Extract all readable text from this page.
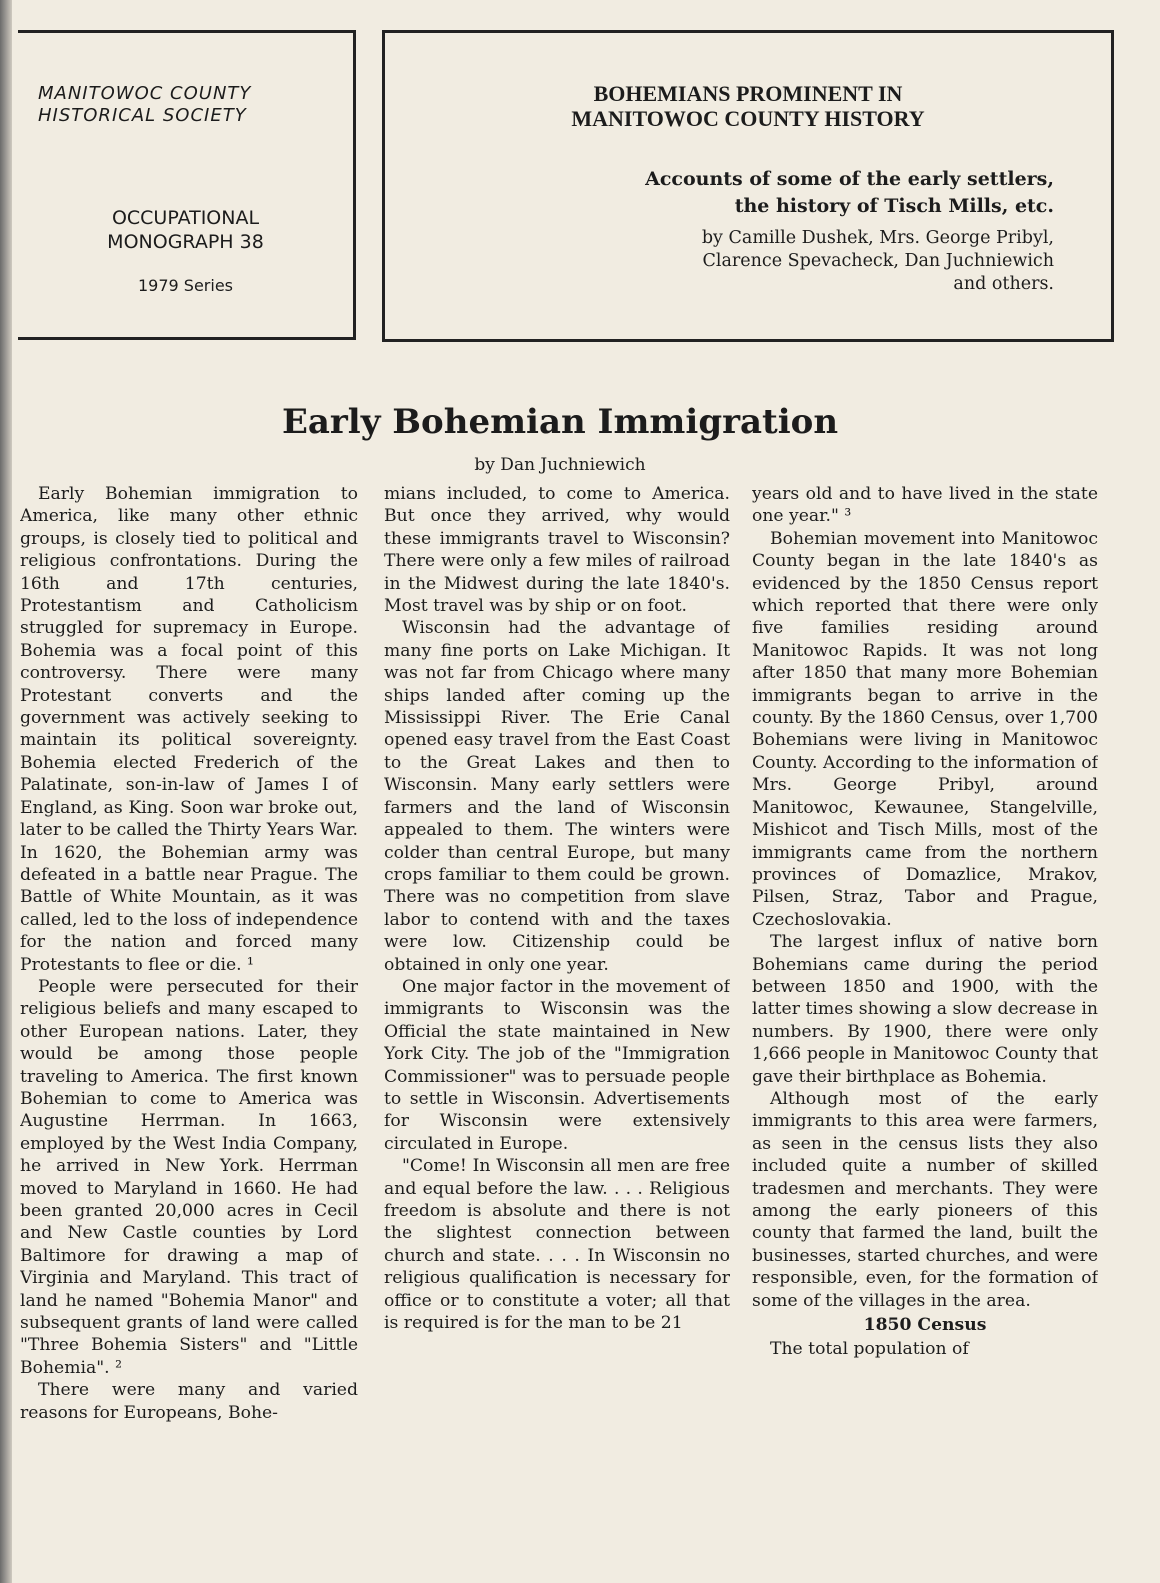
MANITOWOC COUNTY
HISTORICAL SOCIETY
OCCUPATIONAL
MONOGRAPH 38
1979 Series
BOHEMIANS PROMINENT IN
MANITOWOC COUNTY HISTORY

Accounts of some of the early settlers,
the history of Tisch Mills, etc.

by Camille Dushek, Mrs. George Pribyl,
Clarence Spevacheck, Dan Juchniewich
and others.

Early Bohemian Immigration
by Dan Juchniewich

Early Bohemian immigration to America, like many other ethnic groups, is closely tied to political and religious confrontations. During the 16th and 17th centuries, Protestantism and Catholicism struggled for supremacy in Europe. Bohemia was a focal point of this controversy. There were many Protestant converts and the government was actively seeking to maintain its political sovereignty. Bohemia elected Frederich of the Palatinate, son-in-law of James I of England, as King. Soon war broke out, later to be called the Thirty Years War. In 1620, the Bohemian army was defeated in a battle near Prague. The Battle of White Mountain, as it was called, led to the loss of independence for the nation and forced many Protestants to flee or die. ¹

People were persecuted for their religious beliefs and many escaped to other European nations. Later, they would be among those people traveling to America. The first known Bohemian to come to America was Augustine Herrman. In 1663, employed by the West India Company, he arrived in New York. Herrman moved to Maryland in 1660. He had been granted 20,000 acres in Cecil and New Castle counties by Lord Baltimore for drawing a map of Virginia and Maryland. This tract of land he named "Bohemia Manor" and subsequent grants of land were called "Three Bohemia Sisters" and "Little Bohemia". ²

There were many and varied reasons for Europeans, Bohe-

mians included, to come to America. But once they arrived, why would these immigrants travel to Wisconsin? There were only a few miles of railroad in the Midwest during the late 1840's. Most travel was by ship or on foot.

Wisconsin had the advantage of many fine ports on Lake Michigan. It was not far from Chicago where many ships landed after coming up the Mississippi River. The Erie Canal opened easy travel from the East Coast to the Great Lakes and then to Wisconsin. Many early settlers were farmers and the land of Wisconsin appealed to them. The winters were colder than central Europe, but many crops familiar to them could be grown. There was no competition from slave labor to contend with and the taxes were low. Citizenship could be obtained in only one year.

One major factor in the movement of immigrants to Wisconsin was the Official the state maintained in New York City. The job of the "Immigration Commissioner" was to persuade people to settle in Wisconsin. Advertisements for Wisconsin were extensively circulated in Europe.

"Come! In Wisconsin all men are free and equal before the law. . . . Religious freedom is absolute and there is not the slightest connection between church and state. . . . In Wisconsin no religious qualification is necessary for office or to constitute a voter; all that is required is for the man to be 21

years old and to have lived in the state one year." ³

Bohemian movement into Manitowoc County began in the late 1840's as evidenced by the 1850 Census report which reported that there were only five families residing around Manitowoc Rapids. It was not long after 1850 that many more Bohemian immigrants began to arrive in the county. By the 1860 Census, over 1,700 Bohemians were living in Manitowoc County. According to the information of Mrs. George Pribyl, around Manitowoc, Kewaunee, Stangelville, Mishicot and Tisch Mills, most of the immigrants came from the northern provinces of Domazlice, Mrakov, Pilsen, Straz, Tabor and Prague, Czechoslovakia.

The largest influx of native born Bohemians came during the period between 1850 and 1900, with the latter times showing a slow decrease in numbers. By 1900, there were only 1,666 people in Manitowoc County that gave their birthplace as Bohemia.

Although most of the early immigrants to this area were farmers, as seen in the census lists they also included quite a number of skilled tradesmen and merchants. They were among the early pioneers of this county that farmed the land, built the businesses, started churches, and were responsible, even, for the formation of some of the villages in the area.

1850 Census

The total population of
